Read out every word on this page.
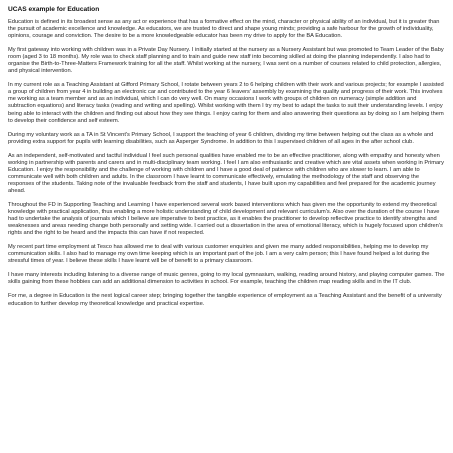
UCAS example for Education

Education is defined in its broadest sense as any act or experience that has a formative effect on the mind, character or physical ability of an individual, but it is greater than the pursuit of academic excellence and knowledge. As educators, we are trusted to direct and shape young minds; providing a safe harbour for the growth of individuality, opinions, courage and conviction. The desire to be a more knowledgeable educator has been my drive to apply for the BA Education.

My first gateway into working with children was in a Private Day Nursery. I initially started at the nursery as a Nursery Assistant but was promoted to Team Leader of the Baby room (aged 3 to 18 months). My role was to check staff planning and to train and guide new staff into becoming skilled at doing the planning independently. I also had to organise the Birth-to-Three-Matters Framework training for all the staff. Whilst working at the nursery, I was sent on a number of courses related to child protection, allergies, and physical intervention.

In my current role as a Teaching Assistant at Gifford Primary School, I rotate between years 2 to 6 helping children with their work and various projects; for example I assisted a group of children from year 4 in building an electronic car and contributed to the year 6 leavers' assembly by examining the quality and progress of their work. This involves me working as a team member and as an individual, which I can do very well. On many occasions I work with groups of children on numeracy (simple addition and subtraction equations) and literacy tasks (reading and writing and spelling). Whilst working with them I try my best to adapt the tasks to suit their understanding levels. I enjoy being able to interact with the children and finding out about how they see things. I enjoy caring for them and also answering their questions as by doing so I am helping them to develop their confidence and self esteem.

During my voluntary work as a TA in St Vincent's Primary School, I support the teaching of year 6 children, dividing my time between helping out the class as a whole and providing extra support for pupils with learning disabilities, such as Asperger Syndrome. In addition to this I supervised children of all ages in the after school club.

As an independent, self-motivated and tactful individual I feel such personal qualities have enabled me to be an effective practitioner, along with empathy and honesty when working in partnership with parents and carers and in multi-disciplinary team working. I feel I am also enthusiastic and creative which are vital assets when working in Primary Education. I enjoy the responsibility and the challenge of working with children and I have a good deal of patience with children who are slower to learn. I am able to communicate well with both children and adults. In the classroom I have learnt to communicate effectively, emulating the methodology of the staff and observing the responses of the students. Taking note of the invaluable feedback from the staff and students, I have built upon my capabilities and feel prepared for the academic journey ahead.

Throughout the FD in Supporting Teaching and Learning I have experienced several work based interventions which has given me the opportunity to extend my theoretical knowledge with practical application, thus enabling a more holistic understanding of child development and relevant curriculum's. Also over the duration of the course I have had to undertake the analysis of journals which I believe are imperative to best practice, as it enables the practitioner to develop reflective practice to identify strengths and weaknesses and areas needing change both personally and setting wide. I carried out a dissertation in the area of emotional literacy, which is hugely focused upon children's rights and the right to be heard and the impacts this can have if not respected.

My recent part time employment at Tesco has allowed me to deal with various customer enquiries and given me many added responsibilities, helping me to develop my communication skills. I also had to manage my own time keeping which is an important part of the job. I am a very calm person; this I have found helped a lot during the stressful times of year. I believe these skills I have learnt will be of benefit to a primary classroom.

I have many interests including listening to a diverse range of music genres, going to my local gymnasium, walking, reading around history, and playing computer games. The skills gaining from these hobbies can add an additional dimension to activities in school. For example, teaching the children map reading skills and in the IT club.

For me, a degree in Education is the next logical career step; bringing together the tangible experience of employment as a Teaching Assistant and the benefit of a university education to further develop my theoretical knowledge and practical expertise.
